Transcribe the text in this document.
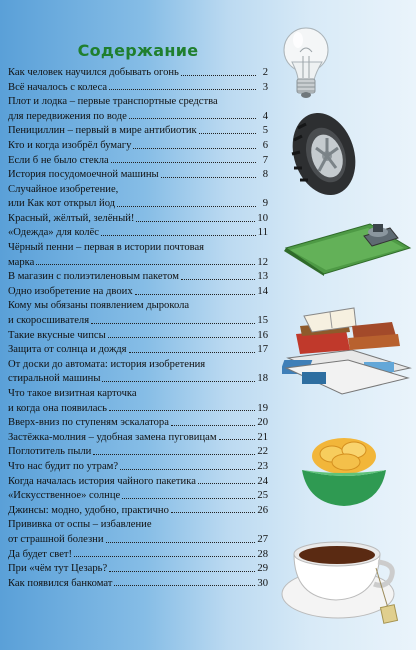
Содержание
Как человек научился добывать огонь	2
Всё началось с колеса	3
Плот и лодка – первые транспортные средства
для передвижения по воде	4
Пенициллин – первый в мире антибиотик	5
Кто и когда изобрёл бумагу	6
Если б не было стекла	7
История посудомоечной машины	8
Случайное изобретение,
или Как кот открыл йод	9
Красный, жёлтый, зелёный!	10
«Одежда» для колёс	11
Чёрный пенни – первая в истории почтовая
марка	12
В магазин с полиэтиленовым пакетом	13
Одно изобретение на двоих	14
Кому мы обязаны появлением дырокола
и скоросшивателя	15
Такие вкусные чипсы	16
Защита от солнца и дождя	17
От доски до автомата: история изобретения
стиральной машины	18
Что такое визитная карточка
и когда она появилась	19
Вверх-вниз по ступеням эскалатора	20
Застёжка-молния – удобная замена пуговицам	21
Поглотитель пыли	22
Что нас будит по утрам?	23
Когда началась история чайного пакетика	24
«Искусственное» солнце	25
Джинсы: модно, удобно, практично	26
Прививка от оспы – избавление
от страшной болезни	27
Да будет свет!	28
При «чём тут Цезарь?	29
Как появился банкомат	30
